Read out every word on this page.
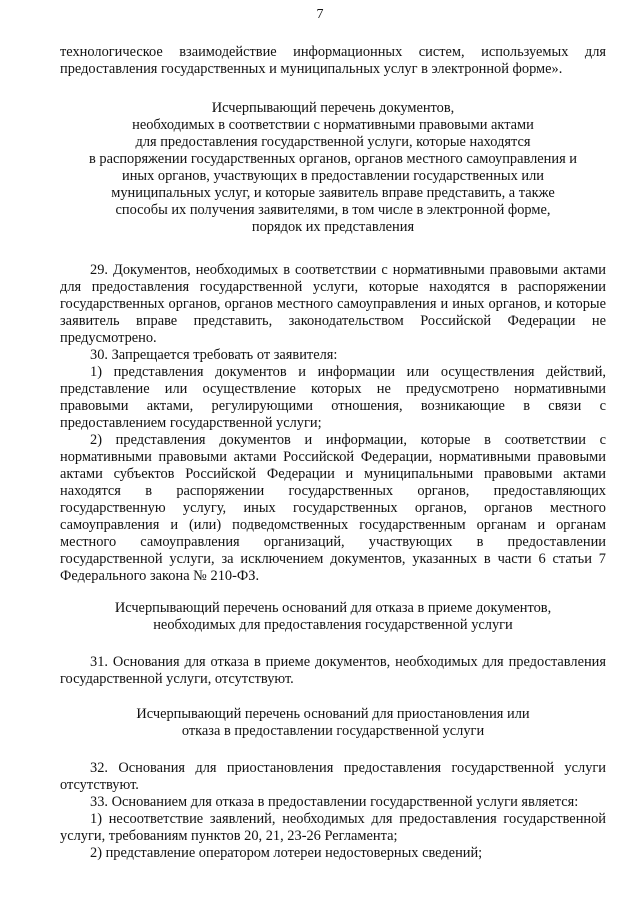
7

технологическое взаимодействие информационных систем, используемых для

предоставления государственных и муниципальных услуг в электронной форме».

Исчерпывающий перечень документов,

необходимых в соответствии с нормативными правовыми актами

для предоставления государственной услуги, которые находятся

в распоряжении государственных органов, органов местного самоуправления и

иных органов, участвующих в предоставлении государственных или

муниципальных услуг, и которые заявитель вправе представить, а также

способы их получения заявителями, в том числе в электронной форме,

порядок их представления

29. Документов, необходимых в соответствии с нормативными правовыми актами для предоставления государственной услуги, которые находятся в распоряжении государственных органов, органов местного самоуправления и иных органов, и которые заявитель вправе представить, законодательством Российской Федерации не предусмотрено.

30. Запрещается требовать от заявителя:

1) представления документов и информации или осуществления действий, представление или осуществление которых не предусмотрено нормативными правовыми актами, регулирующими отношения, возникающие в связи с предоставлением государственной услуги;

2) представления документов и информации, которые в соответствии с нормативными правовыми актами Российской Федерации, нормативными правовыми актами субъектов Российской Федерации и муниципальными правовыми актами находятся в распоряжении государственных органов, предоставляющих государственную услугу, иных государственных органов, органов местного самоуправления и (или) подведомственных государственным органам и органам местного самоуправления организаций, участвующих в предоставлении государственной услуги, за исключением документов, указанных в части 6 статьи 7 Федерального закона № 210-ФЗ.

Исчерпывающий перечень оснований для отказа в приеме документов,

необходимых для предоставления государственной услуги

31. Основания для отказа в приеме документов, необходимых для предоставления государственной услуги, отсутствуют.

Исчерпывающий перечень оснований для приостановления или

отказа в предоставлении государственной услуги

32. Основания для приостановления предоставления государственной услуги отсутствуют.

33. Основанием для отказа в предоставлении государственной услуги является:

1) несоответствие заявлений, необходимых для предоставления государственной услуги, требованиям пунктов 20, 21, 23-26 Регламента;

2) представление оператором лотереи недостоверных сведений;
